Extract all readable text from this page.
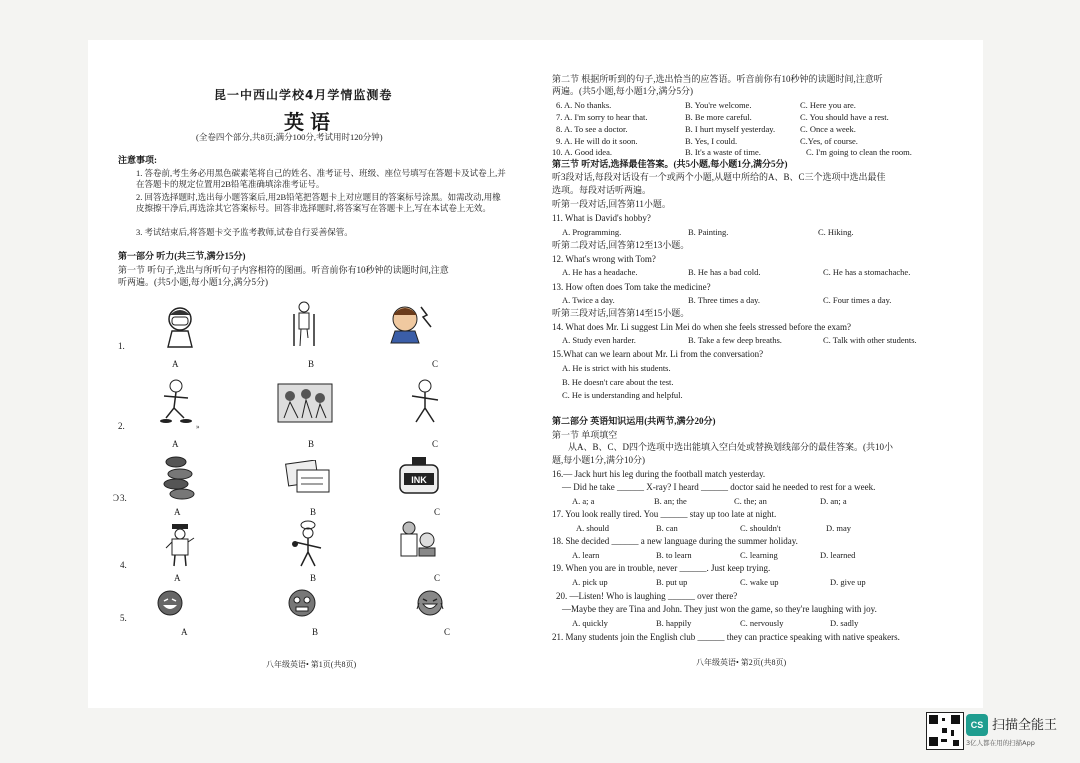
昆一中西山学校4月学情监测卷
英语
(全卷四个部分,共8页;满分100分,考试用时120分钟)
注意事项:
1. 答卷前,考生务必用黑色碳素笔将自己的姓名、准考证号、班级、座位号填写在答题卡及试卷上,并在答题卡的规定位置用2B铅笔准确填涂准考证号。
2. 回答选择题时,选出每小题答案后,用2B铅笔把答题卡上对应题目的答案标号涂黑。如需改动,用橡皮擦擦干净后,再选涂其它答案标号。回答非选择题时,将答案写在答题卡上,写在本试卷上无效。
3. 考试结束后,将答题卡交予监考教师,试卷自行妥善保管。
第一部分 听力(共三节,满分15分)
第一节 听句子,选出与所听句子内容相符的图画。听音前你有10秒钟的读题时间,注意
听两遍。(共5小题,每小题1分,满分5分)
1.
2.
Ɔ 3.
4.
5.
»
INK
A	B	C
A	B	C
A	B	C
A	B	C
A	B	C
八年级英语• 第1页(共8页)
第二节 根据所听到的句子,选出恰当的应答语。听音前你有10秒钟的读题时间,注意听
两遍。(共5小题,每小题1分,满分5分)
6. A. No thanks.	B. You're welcome.	C. Here you are.
7. A. I'm sorry to hear that.	B. Be more careful.	C. You should have a rest.
8. A. To see a doctor.	B. I hurt myself yesterday.	C. Once a week.
9. A. He will do it soon.	B. Yes, I could.	C.Yes, of course.
10. A. Good idea.	B. It's a waste of time.	C. I'm going to clean the room.
第三节 听对话,选择最佳答案。(共5小题,每小题1分,满分5分)
听3段对话,每段对话设有一个或两个小题,从题中所给的A、B、C三个选项中选出最佳
选项。每段对话听两遍。
听第一段对话,回答第11小题。
11. What is David's hobby?
A. Programming.	B. Painting.	C. Hiking.
听第二段对话,回答第12至13小题。
12. What's wrong with Tom?
A. He has a headache.	B. He has a bad cold.	C. He has a stomachache.
13. How often does Tom take the medicine?
A. Twice a day.	B. Three times a day.	C. Four times a day.
听第三段对话,回答第14至15小题。
14. What does Mr. Li suggest Lin Mei do when she feels stressed before the exam?
A. Study even harder.	B. Take a few deep breaths.	C. Talk with other students.
15.What can we learn about Mr. Li from the conversation?
A. He is strict with his students.
B. He doesn't care about the test.
C. He is understanding and helpful.
第二部分 英语知识运用(共两节,满分20分)
第一节 单项填空
从A、B、C、D四个选项中选出能填入空白处或替换划线部分的最佳答案。(共10小
题,每小题1分,满分10分)
16.— Jack hurt his leg during the football match yesterday.
— Did he take ______ X-ray? I heard ______ doctor said he needed to rest for a week.
A. a; a	B. an; the	C. the; an	D. an; a
17. You look really tired. You ______ stay up too late at night.
A. should	B. can	C. shouldn't	D. may
18. She decided ______ a new language during the summer holiday.
A. learn	B. to learn	C. learning	D. learned
19. When you are in trouble, never ______. Just keep trying.
A. pick up	B. put up	C. wake up	D. give up
20. —Listen! Who is laughing ______ over there?
—Maybe they are Tina and John. They just won the game, so they're laughing with joy.
A. quickly	B. happily	C. nervously	D. sadly
21. Many students join the English club ______ they can practice speaking with native speakers.
八年级英语• 第2页(共8页)
CS 扫描全能王
3亿人都在用的扫描App
